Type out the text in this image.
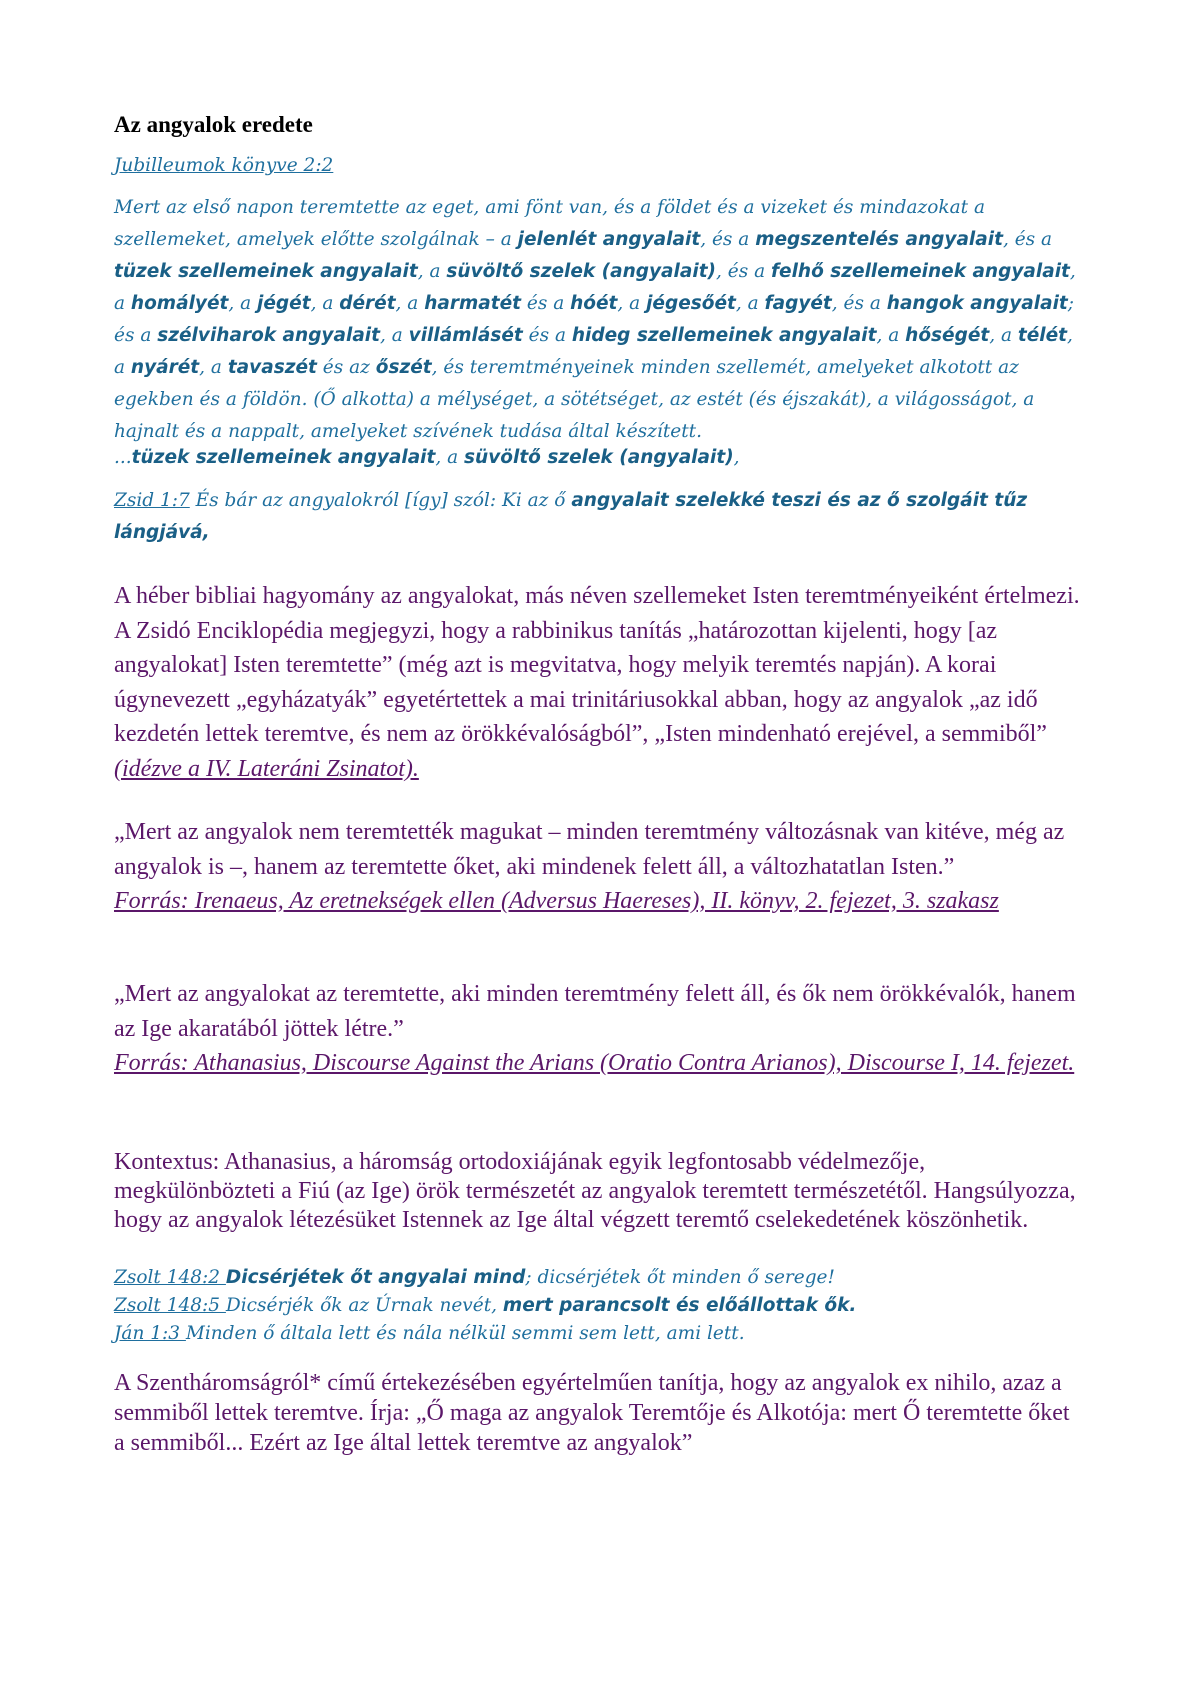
Az angyalok eredete

Jubilleumok könyve 2:2

Mert az első napon teremtette az eget, ami fönt van, és a földet és a vizeket és mindazokat a szellemeket, amelyek előtte szolgálnak – a jelenlét angyalait, és a megszentelés angyalait, és a tüzek szellemeinek angyalait, a süvöltő szelek (angyalait), és a felhő szellemeinek angyalait, a homályét, a jégét, a dérét, a harmatét és a hóét, a jégesőét, a fagyét, és a hangok angyalait; és a szélviharok angyalait, a villámlásét és a hideg szellemeinek angyalait, a hőségét, a télét, a nyárét, a tavaszét és az őszét, és teremtményeinek minden szellemét, amelyeket alkotott az egekben és a földön. (Ő alkotta) a mélységet, a sötétséget, az estét (és éjszakát), a világosságot, a hajnalt és a nappalt, amelyeket szívének tudása által készített.

...tüzek szellemeinek angyalait, a süvöltő szelek (angyalait),

Zsid 1:7 És bár az angyalokról [így] szól: Ki az ő angyalait szelekké teszi és az ő szolgáit tűz lángjává,

A héber bibliai hagyomány az angyalokat, más néven szellemeket Isten teremtményeiként értelmezi. A Zsidó Enciklopédia megjegyzi, hogy a rabbinikus tanítás „határozottan kijelenti, hogy [az angyalokat] Isten teremtette” (még azt is megvitatva, hogy melyik teremtés napján). A korai úgynevezett „egyházatyák” egyetértettek a mai trinitáriusokkal abban, hogy az angyalok „az idő kezdetén lettek teremtve, és nem az örökkévalóságból”, „Isten mindenható erejével, a semmiből” (idézve a IV. Lateráni Zsinatot).

„Mert az angyalok nem teremtették magukat – minden teremtmény változásnak van kitéve, még az angyalok is –, hanem az teremtette őket, aki mindenek felett áll, a változhatatlan Isten.”
Forrás: Irenaeus, Az eretnekségek ellen (Adversus Haereses), II. könyv, 2. fejezet, 3. szakasz

„Mert az angyalokat az teremtette, aki minden teremtmény felett áll, és ők nem örökkévalók, hanem az Ige akaratából jöttek létre.”
Forrás: Athanasius, Discourse Against the Arians (Oratio Contra Arianos), Discourse I, 14. fejezet.

Kontextus: Athanasius, a háromság ortodoxiájának egyik legfontosabb védelmezője, megkülönbözteti a Fiú (az Ige) örök természetét az angyalok teremtett természetétől. Hangsúlyozza, hogy az angyalok létezésüket Istennek az Ige által végzett teremtő cselekedetének köszönhetik.

Zsolt 148:2 Dicsérjétek őt angyalai mind; dicsérjétek őt minden ő serege!

Zsolt 148:5 Dicsérjék ők az Úrnak nevét, mert parancsolt és előállottak ők.

Ján 1:3 Minden ő általa lett és nála nélkül semmi sem lett, ami lett.

A Szentháromságról* című értekezésében egyértelműen tanítja, hogy az angyalok ex nihilo, azaz a semmiből lettek teremtve. Írja: „Ő maga az angyalok Teremtője és Alkotója: mert Ő teremtette őket a semmiből... Ezért az Ige által lettek teremtve az angyalok”
